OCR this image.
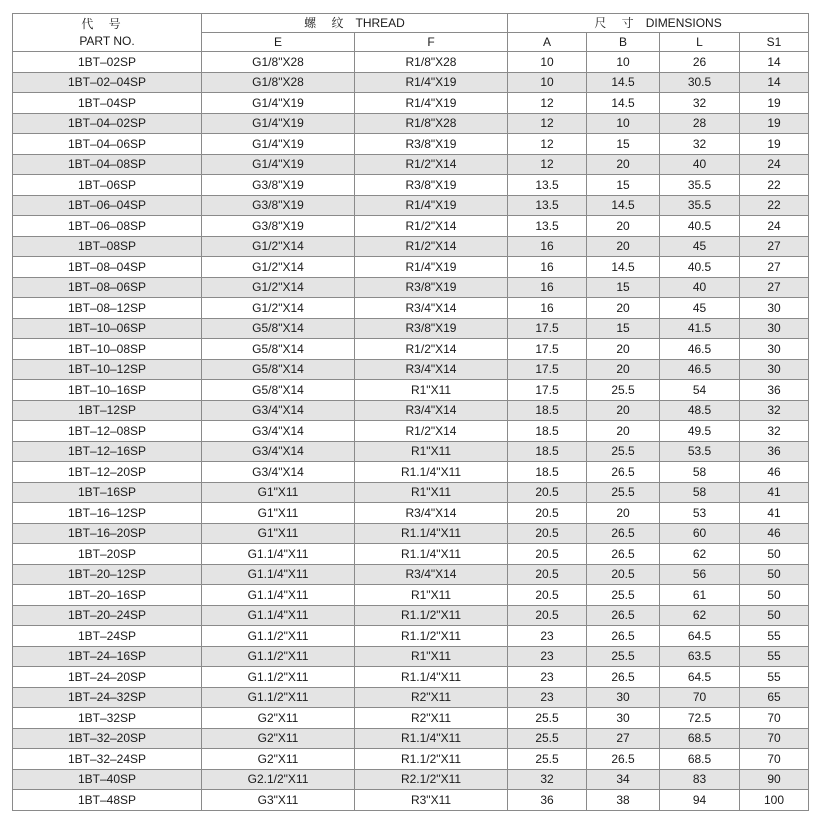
代 号
PART NO.	螺 纹 THREAD		尺 寸 DIMENSIONS			
	E	F	A	B	L	S1
1BT–02SP	G1/8"X28	R1/8"X28	10	10	26	14
1BT–02–04SP	G1/8"X28	R1/4"X19	10	14.5	30.5	14
1BT–04SP	G1/4"X19	R1/4"X19	12	14.5	32	19
1BT–04–02SP	G1/4"X19	R1/8"X28	12	10	28	19
1BT–04–06SP	G1/4"X19	R3/8"X19	12	15	32	19
1BT–04–08SP	G1/4"X19	R1/2"X14	12	20	40	24
1BT–06SP	G3/8"X19	R3/8"X19	13.5	15	35.5	22
1BT–06–04SP	G3/8"X19	R1/4"X19	13.5	14.5	35.5	22
1BT–06–08SP	G3/8"X19	R1/2"X14	13.5	20	40.5	24
1BT–08SP	G1/2"X14	R1/2"X14	16	20	45	27
1BT–08–04SP	G1/2"X14	R1/4"X19	16	14.5	40.5	27
1BT–08–06SP	G1/2"X14	R3/8"X19	16	15	40	27
1BT–08–12SP	G1/2"X14	R3/4"X14	16	20	45	30
1BT–10–06SP	G5/8"X14	R3/8"X19	17.5	15	41.5	30
1BT–10–08SP	G5/8"X14	R1/2"X14	17.5	20	46.5	30
1BT–10–12SP	G5/8"X14	R3/4"X14	17.5	20	46.5	30
1BT–10–16SP	G5/8"X14	R1"X11	17.5	25.5	54	36
1BT–12SP	G3/4"X14	R3/4"X14	18.5	20	48.5	32
1BT–12–08SP	G3/4"X14	R1/2"X14	18.5	20	49.5	32
1BT–12–16SP	G3/4"X14	R1"X11	18.5	25.5	53.5	36
1BT–12–20SP	G3/4"X14	R1.1/4"X11	18.5	26.5	58	46
1BT–16SP	G1"X11	R1"X11	20.5	25.5	58	41
1BT–16–12SP	G1"X11	R3/4"X14	20.5	20	53	41
1BT–16–20SP	G1"X11	R1.1/4"X11	20.5	26.5	60	46
1BT–20SP	G1.1/4"X11	R1.1/4"X11	20.5	26.5	62	50
1BT–20–12SP	G1.1/4"X11	R3/4"X14	20.5	20.5	56	50
1BT–20–16SP	G1.1/4"X11	R1"X11	20.5	25.5	61	50
1BT–20–24SP	G1.1/4"X11	R1.1/2"X11	20.5	26.5	62	50
1BT–24SP	G1.1/2"X11	R1.1/2"X11	23	26.5	64.5	55
1BT–24–16SP	G1.1/2"X11	R1"X11	23	25.5	63.5	55
1BT–24–20SP	G1.1/2"X11	R1.1/4"X11	23	26.5	64.5	55
1BT–24–32SP	G1.1/2"X11	R2"X11	23	30	70	65
1BT–32SP	G2"X11	R2"X11	25.5	30	72.5	70
1BT–32–20SP	G2"X11	R1.1/4"X11	25.5	27	68.5	70
1BT–32–24SP	G2"X11	R1.1/2"X11	25.5	26.5	68.5	70
1BT–40SP	G2.1/2"X11	R2.1/2"X11	32	34	83	90
1BT–48SP	G3"X11	R3"X11	36	38	94	100
